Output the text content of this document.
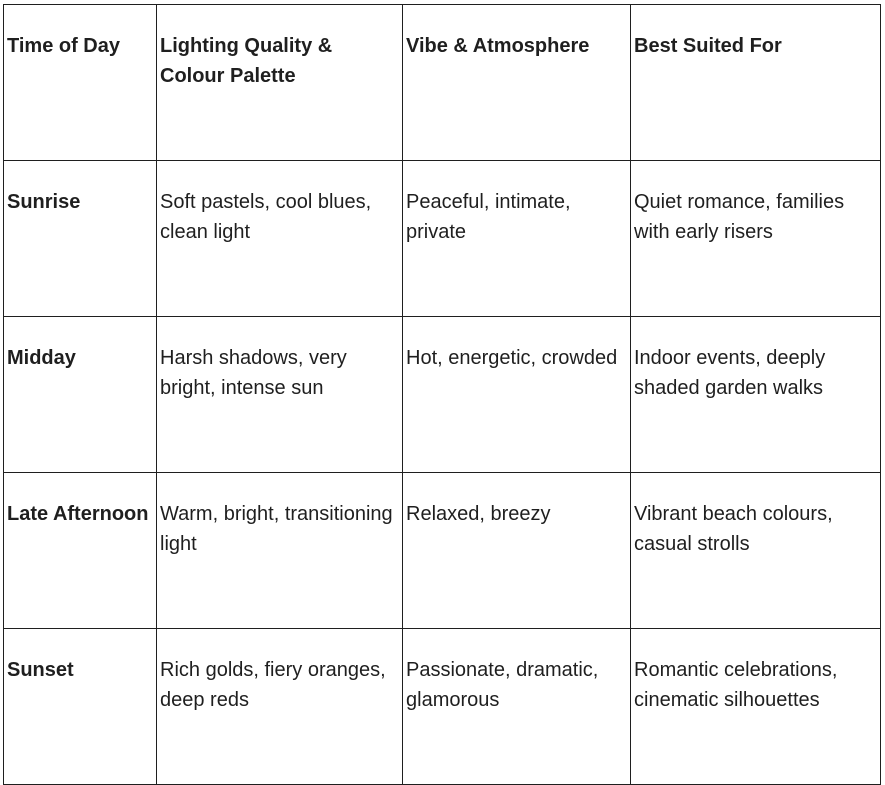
Time of Day	Lighting Quality & Colour Palette	Vibe & Atmosphere	Best Suited For
Sunrise	Soft pastels, cool blues, clean light	Peaceful, intimate, private	Quiet romance, families with early risers
Midday	Harsh shadows, very bright, intense sun	Hot, energetic, crowded	Indoor events, deeply shaded garden walks
Late Afternoon	Warm, bright, transitioning light	Relaxed, breezy	Vibrant beach colours, casual strolls
Sunset	Rich golds, fiery oranges, deep reds	Passionate, dramatic, glamorous	Romantic celebrations, cinematic silhouettes
